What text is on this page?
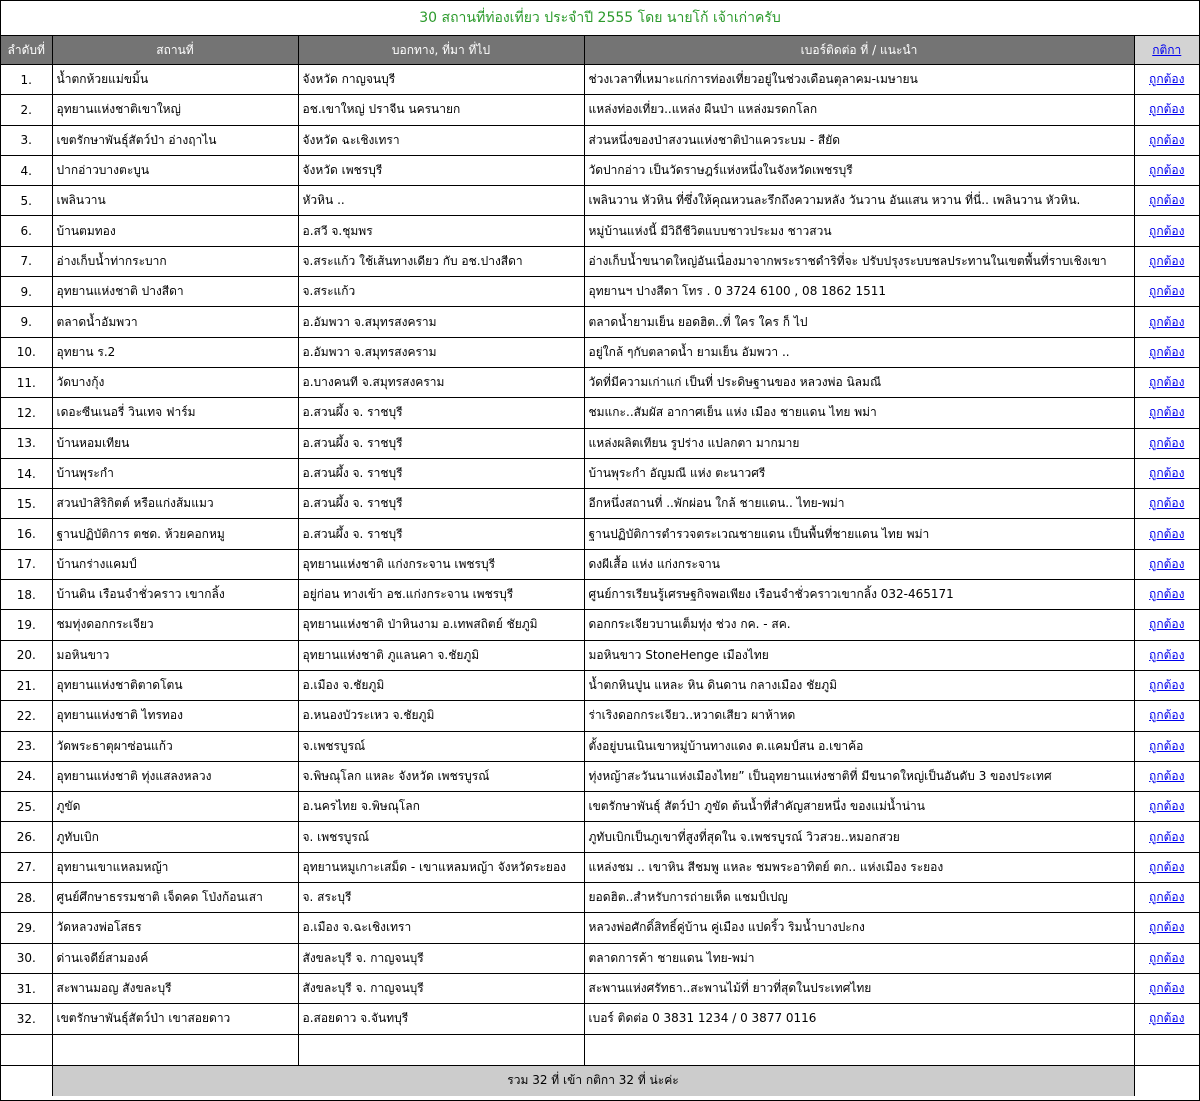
30 สถานที่ท่องเที่ยว ประจำปี 2555 โดย นายโก้ เจ้าเก่าครับ
ลำดับที่	สถานที่	บอกทาง, ที่มา ที่ไป	เบอร์ติดต่อ ที่ / แนะนำ	กติกา
1.	น้ำตกห้วยแม่ขมิ้น	จังหวัด กาญจนบุรี	ช่วงเวลาที่เหมาะแก่การท่องเที่ยวอยู่ในช่วงเดือนตุลาคม-เมษายน	ถูกต้อง
2.	อุทยานแห่งชาติเขาใหญ่	อช.เขาใหญ่ ปราจีน นครนายก	แหล่งท่องเที่ยว..แหล่ง ผืนป่า แหล่งมรดกโลก	ถูกต้อง
3.	เขตรักษาพันธุ์สัตว์ป่า อ่างฤาไน	จังหวัด ฉะเชิงเทรา	ส่วนหนึ่งของป่าสงวนแห่งชาติป่าแควระบม - สียัด	ถูกต้อง
4.	ปากอ่าวบางตะบูน	จังหวัด เพชรบุรี	วัดปากอ่าว เป็นวัดราษฎร์แห่งหนึ่งในจังหวัดเพชรบุรี	ถูกต้อง
5.	เพลินวาน	หัวหิน ..	เพลินวาน หัวหิน ที่ซึ่งให้คุณหวนละรึกถึงความหลัง วันวาน อันแสน หวาน ที่นี่.. เพลินวาน หัวหิน.	ถูกต้อง
6.	บ้านตมทอง	อ.สวี จ.ชุมพร	หมู่บ้านแห่งนี้ มีวิถีชีวิตแบบชาวประมง ชาวสวน	ถูกต้อง
7.	อ่างเก็บน้ำท่ากระบาก	จ.สระแก้ว ใช้เส้นทางเดียว กับ อช.ปางสีดา	อ่างเก็บน้ำขนาดใหญ่อันเนื่องมาจากพระราชดำริที่จะ ปรับปรุงระบบชลประทานในเขตพื้นที่ราบเชิงเขา	ถูกต้อง
9.	อุทยานแห่งชาติ ปางสีดา	จ.สระแก้ว	อุทยานฯ ปางสีดา โทร . 0 3724 6100 , 08 1862 1511	ถูกต้อง
9.	ตลาดน้ำอัมพวา	อ.อัมพวา จ.สมุทรสงคราม	ตลาดน้ำยามเย็น ยอดฮิต..ที่ ใคร ใคร ก็ ไป	ถูกต้อง
10.	อุทยาน ร.2	อ.อัมพวา จ.สมุทรสงคราม	อยู่ใกล้ ๆกับตลาดน้ำ ยามเย็น อัมพวา ..	ถูกต้อง
11.	วัดบางกุ้ง	อ.บางคนที จ.สมุทรสงคราม	วัดที่มีความเก่าแก่ เป็นที่ ประดิษฐานของ หลวงพ่อ นิลมณี	ถูกต้อง
12.	เดอะซีนเนอรี่ วินเทจ ฟาร์ม	อ.สวนผึ้ง จ. ราชบุรี	ชมแกะ..สัมผัส อากาศเย็น แห่ง เมือง ชายแดน ไทย พม่า	ถูกต้อง
13.	บ้านหอมเทียน	อ.สวนผึ้ง จ. ราชบุรี	แหล่งผลิตเทียน รูปร่าง แปลกตา มากมาย	ถูกต้อง
14.	บ้านพุระกำ	อ.สวนผึ้ง จ. ราชบุรี	บ้านพุระกำ อัญมณี แห่ง ตะนาวศรี	ถูกต้อง
15.	สวนป่าสิริกิตต์ หรือแก่งส้มแมว	อ.สวนผึ้ง จ. ราชบุรี	อีกหนึ่งสถานที่ ..พักผ่อน ใกล้ ชายแดน.. ไทย-พม่า	ถูกต้อง
16.	ฐานปฏิบัติการ ตชด. ห้วยคอกหมู	อ.สวนผึ้ง จ. ราชบุรี	ฐานปฏิบัติการตำรวจตระเวณชายแดน เป็นพื้นที่ชายแดน ไทย พม่า	ถูกต้อง
17.	บ้านกร่างแคมป์	อุทยานแห่งชาติ แก่งกระจาน เพชรบุรี	ดงผีเสื้อ แห่ง แก่งกระจาน	ถูกต้อง
18.	บ้านดิน เรือนจำชั่วคราว เขากลิ้ง	อยู่ก่อน ทางเข้า อช.แก่งกระจาน เพชรบุรี	ศูนย์การเรียนรู้เศรษฐกิจพอเพียง เรือนจำชั่วคราวเขากลิ้ง 032-465171	ถูกต้อง
19.	ชมทุ่งดอกกระเจียว	อุทยานแห่งชาติ ป่าหินงาม อ.เทพสถิตย์ ชัยภูมิ	ดอกกระเจียวบานเต็มทุ่ง ช่วง กค. - สค.	ถูกต้อง
20.	มอหินขาว	อุทยานแห่งชาติ ภูแลนคา จ.ชัยภูมิ	มอหินขาว StoneHenge เมืองไทย	ถูกต้อง
21.	อุทยานแห่งชาติตาดโตน	อ.เมือง จ.ชัยภูมิ	น้ำตกหินปูน แหละ หิน ดินดาน กลางเมือง ชัยภูมิ	ถูกต้อง
22.	อุทยานแห่งชาติ ไทรทอง	อ.หนองบัวระเหว จ.ชัยภูมิ	ร่าเริงดอกกระเจียว..หวาดเสียว ผาห้าหด	ถูกต้อง
23.	วัดพระธาตุผาซ่อนแก้ว	จ.เพชรบูรณ์	ตั้งอยู่บนเนินเขาหมู่บ้านทางแดง ต.แคมป์สน อ.เขาค้อ	ถูกต้อง
24.	อุทยานแห่งชาติ ทุ่งแสลงหลวง	จ.พิษณุโลก แหละ จังหวัด เพชรบูรณ์	ทุ่งหญ้าสะวันนาแห่งเมืองไทย” เป็นอุทยานแห่งชาติที่ มีขนาดใหญ่เป็นอันดับ 3 ของประเทศ	ถูกต้อง
25.	ภูขัด	อ.นครไทย จ.พิษณุโลก	เขตรักษาพันธุ์ สัตว์ป่า ภูขัด ต้นน้ำที่สำคัญสายหนึ่ง ของแม่น้ำน่าน	ถูกต้อง
26.	ภูทับเบิก	จ. เพชรบูรณ์	ภูทับเบิกเป็นภูเขาที่สูงที่สุดใน จ.เพชรบูรณ์ วิวสวย..หมอกสวย	ถูกต้อง
27.	อุทยานเขาแหลมหญ้า	อุทยานหมูเกาะเสม็ด - เขาแหลมหญ้า จังหวัดระยอง	แหล่งชม .. เขาหิน สีชมพู แหละ ชมพระอาทิตย์ ตก.. แห่งเมือง ระยอง	ถูกต้อง
28.	ศูนย์ศึกษาธรรมชาติ เจ็ดคด โป่งก้อนเสา	จ. สระบุรี	ยอดฮิต..สำหรับการถ่ายเห็ด แชมป์เปญ	ถูกต้อง
29.	วัดหลวงพ่อโสธร	อ.เมือง จ.ฉะเชิงเทรา	หลวงพ่อศักดิ์สิทธิ์คู่บ้าน คู่เมือง แปดริ้ว ริมน้ำบางปะกง	ถูกต้อง
30.	ด่านเจดีย์สามองค์	สังขละบุรี จ. กาญจนบุรี	ตลาดการค้า ชายแดน ไทย-พม่า	ถูกต้อง
31.	สะพานมอญ สังขละบุรี	สังขละบุรี จ. กาญจนบุรี	สะพานแห่งศรัทธา..สะพานไม้ที่ ยาวที่สุดในประเทศไทย	ถูกต้อง
32.	เขตรักษาพันธุ์สัตว์ป่า เขาสอยดาว	อ.สอยดาว จ.จันทบุรี	เบอร์ ติดต่อ 0 3831 1234 / 0 3877 0116	ถูกต้อง

	รวม 32 ที่ เข้า กติกา 32 ที่ น่ะค่ะ			
